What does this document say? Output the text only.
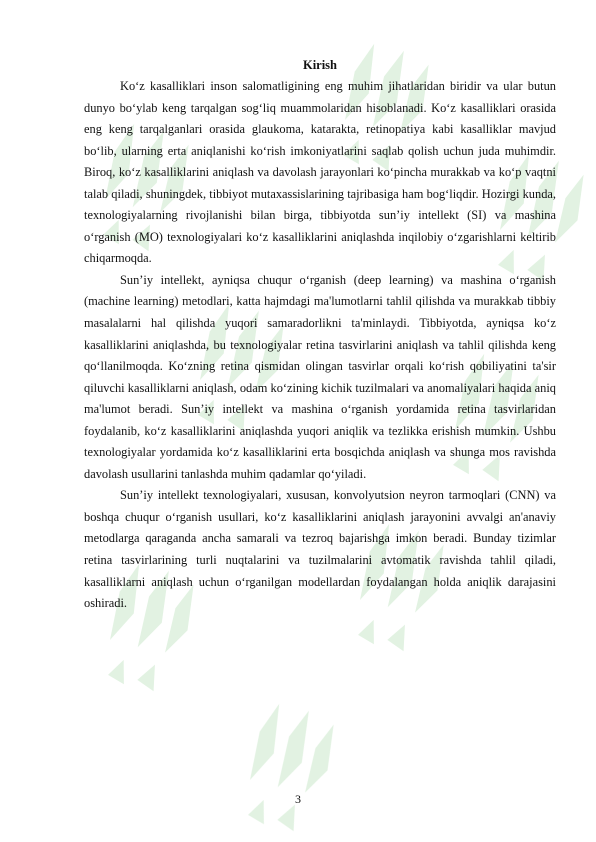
Kirish

Ko‘z kasalliklari inson salomatligining eng muhim jihatlaridan biridir va ular butun dunyo bo‘ylab keng tarqalgan sog‘liq muammolaridan hisoblanadi. Ko‘z kasalliklari orasida eng keng tarqalganlari orasida glaukoma, katarakta, retinopatiya kabi kasalliklar mavjud bo‘lib, ularning erta aniqlanishi ko‘rish imkoniyatlarini saqlab qolish uchun juda muhimdir. Biroq, ko‘z kasalliklarini aniqlash va davolash jarayonlari ko‘pincha murakkab va ko‘p vaqtni talab qiladi, shuningdek, tibbiyot mutaxassislarining tajribasiga ham bog‘liqdir. Hozirgi kunda, texnologiyalarning rivojlanishi bilan birga, tibbiyotda sun’iy intellekt (SI) va mashina o‘rganish (MO) texnologiyalari ko‘z kasalliklarini aniqlashda inqilobiy o‘zgarishlarni keltirib chiqarmoqda.

Sun’iy intellekt, ayniqsa chuqur o‘rganish (deep learning) va mashina o‘rganish (machine learning) metodlari, katta hajmdagi ma'lumotlarni tahlil qilishda va murakkab tibbiy masalalarni hal qilishda yuqori samaradorlikni ta'minlaydi. Tibbiyotda, ayniqsa ko‘z kasalliklarini aniqlashda, bu texnologiyalar retina tasvirlarini aniqlash va tahlil qilishda keng qo‘llanilmoqda. Ko‘zning retina qismidan olingan tasvirlar orqali ko‘rish qobiliyatini ta'sir qiluvchi kasalliklarni aniqlash, odam ko‘zining kichik tuzilmalari va anomaliyalari haqida aniq ma'lumot beradi. Sun’iy intellekt va mashina o‘rganish yordamida retina tasvirlaridan foydalanib, ko‘z kasalliklarini aniqlashda yuqori aniqlik va tezlikka erishish mumkin. Ushbu texnologiyalar yordamida ko‘z kasalliklarini erta bosqichda aniqlash va shunga mos ravishda davolash usullarini tanlashda muhim qadamlar qo‘yiladi.

Sun’iy intellekt texnologiyalari, xususan, konvolyutsion neyron tarmoqlari (CNN) va boshqa chuqur o‘rganish usullari, ko‘z kasalliklarini aniqlash jarayonini avvalgi an'anaviy metodlarga qaraganda ancha samarali va tezroq bajarishga imkon beradi. Bunday tizimlar retina tasvirlarining turli nuqtalarini va tuzilmalarini avtomatik ravishda tahlil qiladi, kasalliklarni aniqlash uchun o‘rganilgan modellardan foydalangan holda aniqlik darajasini oshiradi.

3
